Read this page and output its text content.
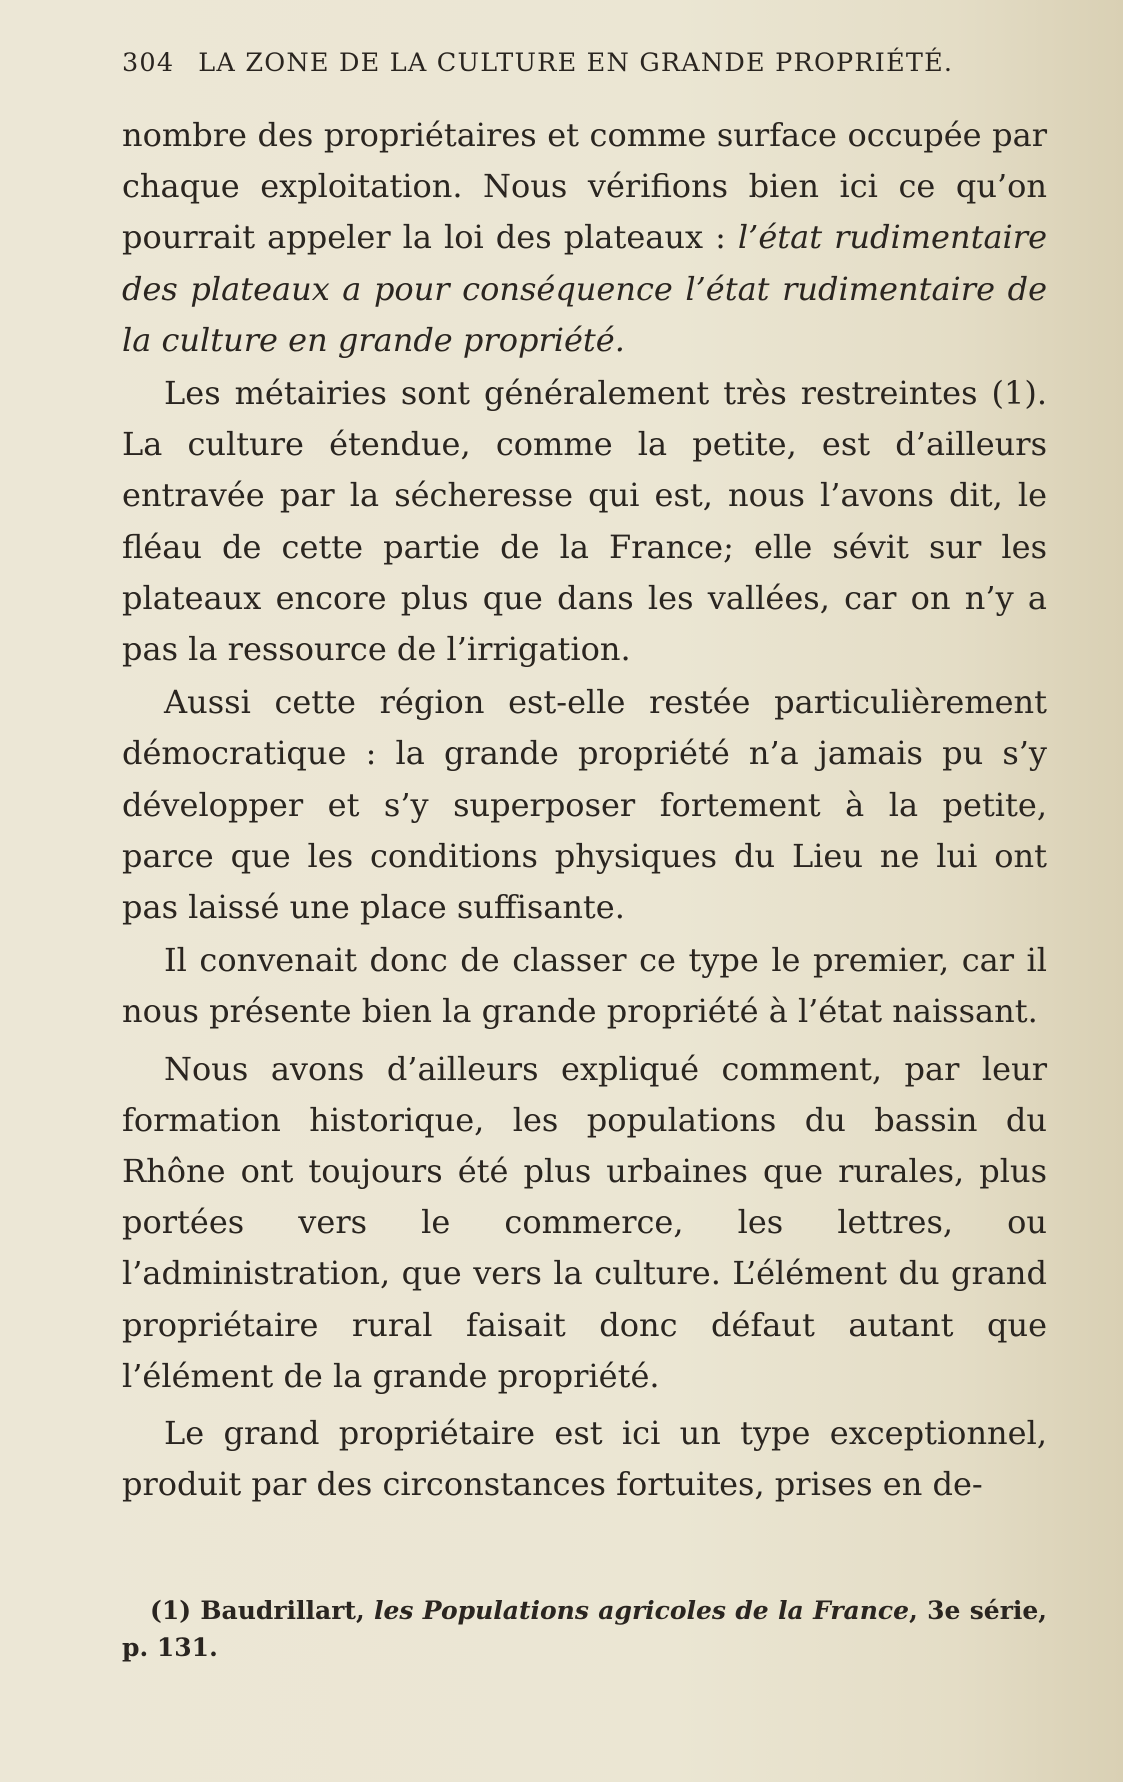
304 LA ZONE DE LA CULTURE EN GRANDE PROPRIÉTÉ.

nombre des propriétaires et comme surface occupée par chaque exploitation. Nous vérifions bien ici ce qu’on pourrait appeler la loi des plateaux : l’état rudimentaire des plateaux a pour conséquence l’état rudimentaire de la culture en grande propriété.

Les métairies sont généralement très restreintes (1). La culture étendue, comme la petite, est d’ailleurs entravée par la sécheresse qui est, nous l’avons dit, le fléau de cette partie de la France; elle sévit sur les plateaux encore plus que dans les vallées, car on n’y a pas la ressource de l’irrigation.

Aussi cette région est-elle restée particulièrement démocratique : la grande propriété n’a jamais pu s’y développer et s’y superposer fortement à la petite, parce que les conditions physiques du Lieu ne lui ont pas laissé une place suffisante.

Il convenait donc de classer ce type le premier, car il nous présente bien la grande propriété à l’état naissant.

Nous avons d’ailleurs expliqué comment, par leur formation historique, les populations du bassin du Rhône ont toujours été plus urbaines que rurales, plus portées vers le commerce, les lettres, ou l’administration, que vers la culture. L’élément du grand propriétaire rural faisait donc défaut autant que l’élément de la grande propriété.

Le grand propriétaire est ici un type exceptionnel, produit par des circonstances fortuites, prises en de-

(1) Baudrillart, les Populations agricoles de la France, 3e série, p. 131.
